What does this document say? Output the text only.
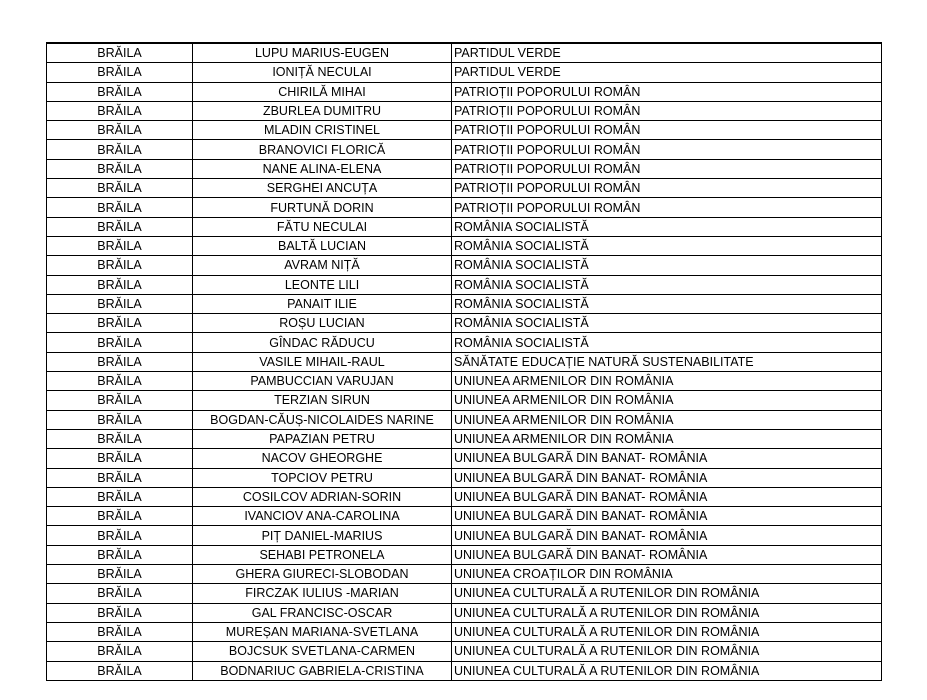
BRĂILA	LUPU MARIUS-EUGEN	PARTIDUL VERDE
BRĂILA	IONIȚĂ NECULAI	PARTIDUL VERDE
BRĂILA	CHIRILĂ MIHAI	PATRIOȚII POPORULUI ROMÂN
BRĂILA	ZBURLEA DUMITRU	PATRIOȚII POPORULUI ROMÂN
BRĂILA	MLADIN CRISTINEL	PATRIOȚII POPORULUI ROMÂN
BRĂILA	BRANOVICI FLORICĂ	PATRIOȚII POPORULUI ROMÂN
BRĂILA	NANE ALINA-ELENA	PATRIOȚII POPORULUI ROMÂN
BRĂILA	SERGHEI ANCUȚA	PATRIOȚII POPORULUI ROMÂN
BRĂILA	FURTUNĂ DORIN	PATRIOȚII POPORULUI ROMÂN
BRĂILA	FĂTU NECULAI	ROMÂNIA SOCIALISTĂ
BRĂILA	BALTĂ LUCIAN	ROMÂNIA SOCIALISTĂ
BRĂILA	AVRAM NIȚĂ	ROMÂNIA SOCIALISTĂ
BRĂILA	LEONTE LILI	ROMÂNIA SOCIALISTĂ
BRĂILA	PANAIT ILIE	ROMÂNIA SOCIALISTĂ
BRĂILA	ROȘU LUCIAN	ROMÂNIA SOCIALISTĂ
BRĂILA	GÎNDAC RĂDUCU	ROMÂNIA SOCIALISTĂ
BRĂILA	VASILE MIHAIL-RAUL	SĂNĂTATE EDUCAȚIE NATURĂ SUSTENABILITATE
BRĂILA	PAMBUCCIAN VARUJAN	UNIUNEA ARMENILOR DIN ROMÂNIA
BRĂILA	TERZIAN SIRUN	UNIUNEA ARMENILOR DIN ROMÂNIA
BRĂILA	BOGDAN-CĂUȘ-NICOLAIDES NARINE	UNIUNEA ARMENILOR DIN ROMÂNIA
BRĂILA	PAPAZIAN PETRU	UNIUNEA ARMENILOR DIN ROMÂNIA
BRĂILA	NACOV GHEORGHE	UNIUNEA BULGARĂ DIN BANAT- ROMÂNIA
BRĂILA	TOPCIOV PETRU	UNIUNEA BULGARĂ DIN BANAT- ROMÂNIA
BRĂILA	COSILCOV ADRIAN-SORIN	UNIUNEA BULGARĂ DIN BANAT- ROMÂNIA
BRĂILA	IVANCIOV ANA-CAROLINA	UNIUNEA BULGARĂ DIN BANAT- ROMÂNIA
BRĂILA	PIȚ DANIEL-MARIUS	UNIUNEA BULGARĂ DIN BANAT- ROMÂNIA
BRĂILA	SEHABI PETRONELA	UNIUNEA BULGARĂ DIN BANAT- ROMÂNIA
BRĂILA	GHERA GIURECI-SLOBODAN	UNIUNEA CROAȚILOR DIN ROMÂNIA
BRĂILA	FIRCZAK IULIUS -MARIAN	UNIUNEA CULTURALĂ A RUTENILOR DIN ROMÂNIA
BRĂILA	GAL FRANCISC-OSCAR	UNIUNEA CULTURALĂ A RUTENILOR DIN ROMÂNIA
BRĂILA	MUREȘAN MARIANA-SVETLANA	UNIUNEA CULTURALĂ A RUTENILOR DIN ROMÂNIA
BRĂILA	BOJCSUK SVETLANA-CARMEN	UNIUNEA CULTURALĂ A RUTENILOR DIN ROMÂNIA
BRĂILA	BODNARIUC GABRIELA-CRISTINA	UNIUNEA CULTURALĂ A RUTENILOR DIN ROMÂNIA
